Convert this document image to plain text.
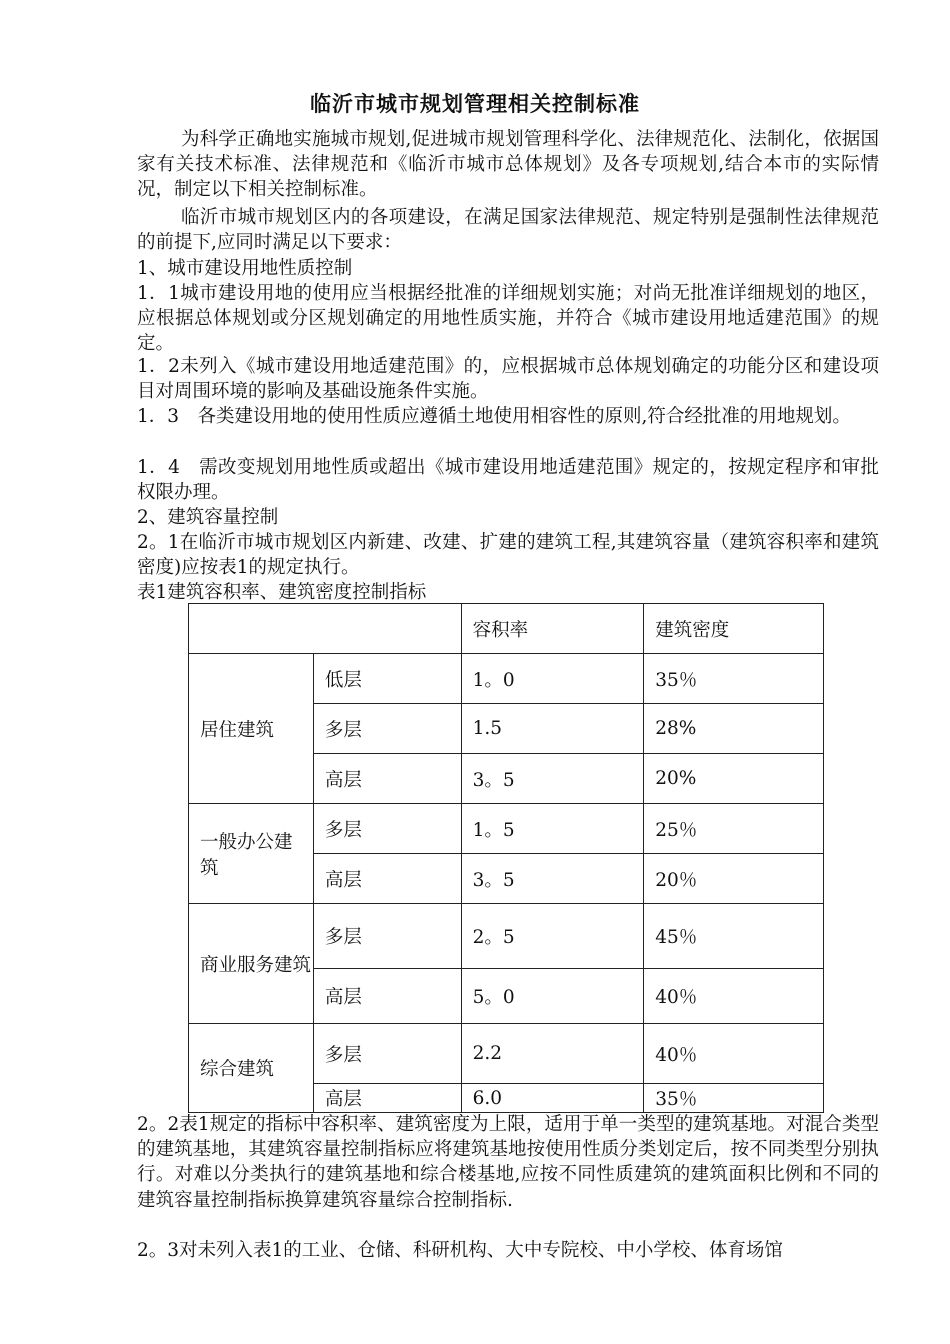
临沂市城市规划管理相关控制标准

为科学正确地实施城市规划,促进城市规划管理科学化、法律规范化、法制化，依据国家有关技术标准、法律规范和《临沂市城市总体规划》及各专项规划,结合本市的实际情况，制定以下相关控制标准。

临沂市城市规划区内的各项建设，在满足国家法律规范、规定特别是强制性法律规范的前提下,应同时满足以下要求：

1、城市建设用地性质控制

1．1城市建设用地的使用应当根据经批准的详细规划实施；对尚无批准详细规划的地区，应根据总体规划或分区规划确定的用地性质实施，并符合《城市建设用地适建范围》的规定。

1．2未列入《城市建设用地适建范围》的，应根据城市总体规划确定的功能分区和建设项目对周围环境的影响及基础设施条件实施。

1．3　各类建设用地的使用性质应遵循土地使用相容性的原则,符合经批准的用地规划。

1．4　需改变规划用地性质或超出《城市建设用地适建范围》规定的，按规定程序和审批权限办理。

2、建筑容量控制

2。1在临沂市城市规划区内新建、改建、扩建的建筑工程,其建筑容量（建筑容积率和建筑密度)应按表1的规定执行。

表1建筑容积率、建筑密度控制指标

		容积率	建筑密度
居住建筑	低层	1。0	35％
	多层	1.5	28%
	高层	3。5	20%
一般办公建　筑	多层	1。5	25％
	高层	3。5	20％
商业服务建筑	多层	2。5	45％
	高层	5。0	40％
综合建筑	多层	2.2	40％
	高层	6.0	35％

2。2表1规定的指标中容积率、建筑密度为上限，适用于单一类型的建筑基地。对混合类型的建筑基地，其建筑容量控制指标应将建筑基地按使用性质分类划定后，按不同类型分别执行。对难以分类执行的建筑基地和综合楼基地,应按不同性质建筑的建筑面积比例和不同的建筑容量控制指标换算建筑容量综合控制指标.

2。3对未列入表1的工业、仓储、科研机构、大中专院校、中小学校、体育场馆
